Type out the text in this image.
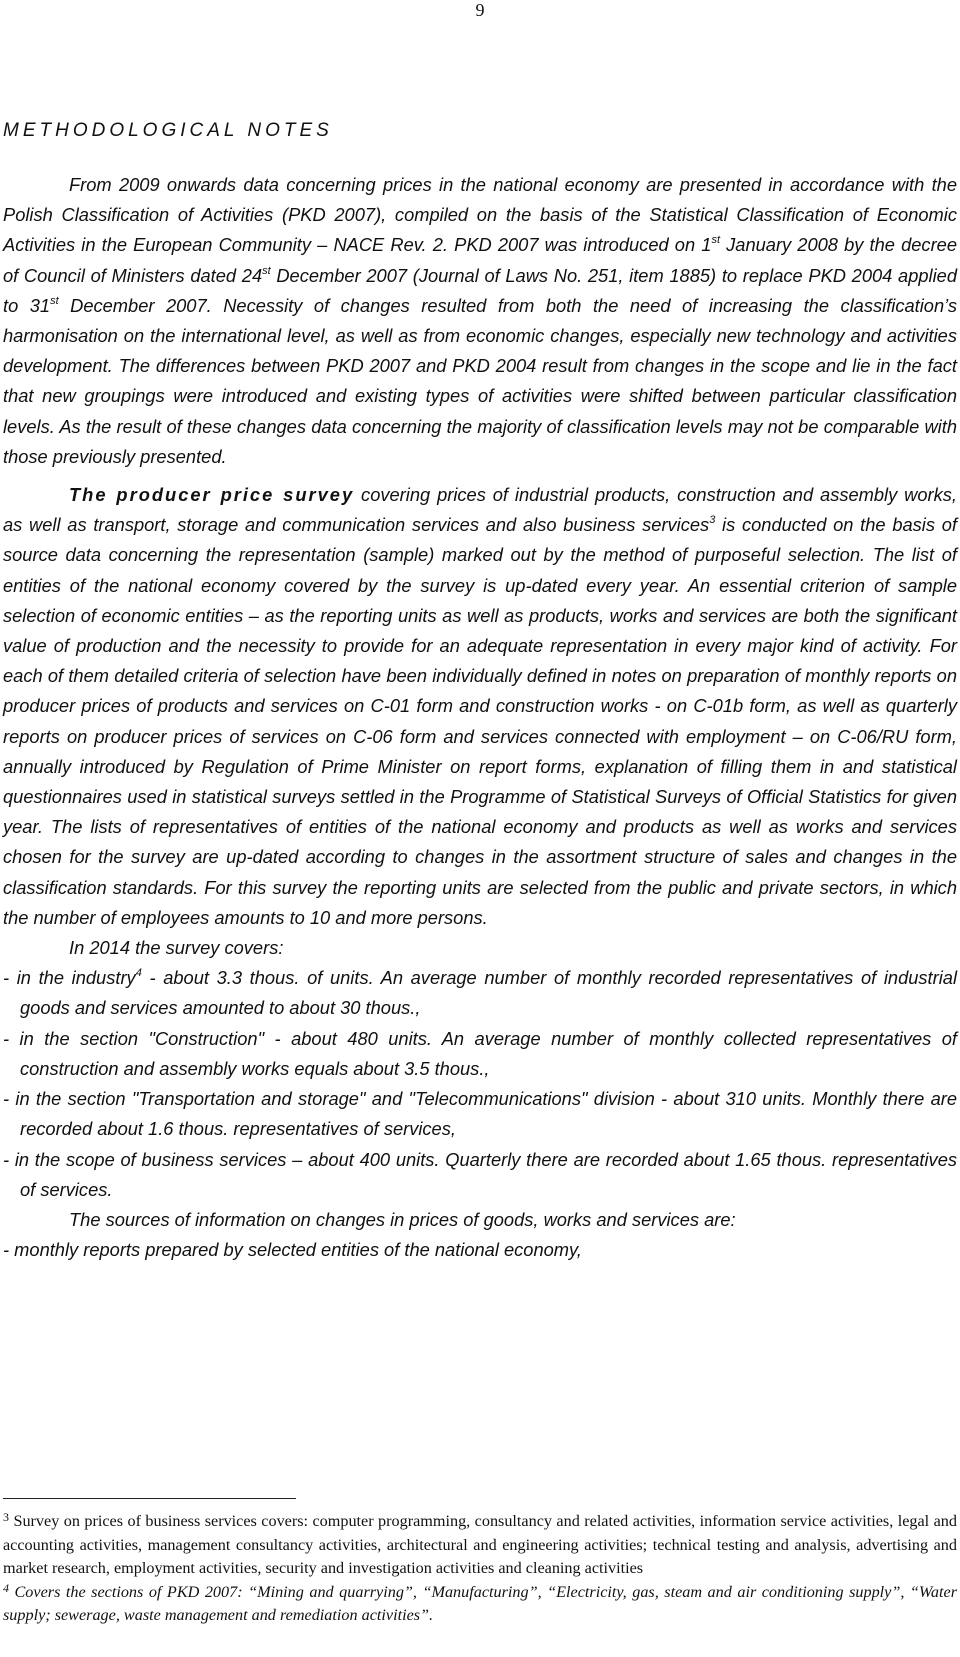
9
METHODOLOGICAL NOTES

From 2009 onwards data concerning prices in the national economy are presented in accordance with the Polish Classification of Activities (PKD 2007), compiled on the basis of the Statistical Classification of Economic Activities in the European Community – NACE Rev. 2. PKD 2007 was introduced on 1st January 2008 by the decree of Council of Ministers dated 24st December 2007 (Journal of Laws No. 251, item 1885) to replace PKD 2004 applied to 31st December 2007. Necessity of changes resulted from both the need of increasing the classification’s harmonisation on the international level, as well as from economic changes, especially new technology and activities development. The differences between PKD 2007 and PKD 2004 result from changes in the scope and lie in the fact that new groupings were introduced and existing types of activities were shifted between particular classification levels. As the result of these changes data concerning the majority of classification levels may not be comparable with those previously presented.

The producer price survey covering prices of industrial products, construction and assembly works, as well as transport, storage and communication services and also business services$^3$ is conducted on the basis of source data concerning the representation (sample) marked out by the method of purposeful selection. The list of entities of the national economy covered by the survey is up-dated every year. An essential criterion of sample selection of economic entities – as the reporting units as well as products, works and services are both the significant value of production and the necessity to provide for an adequate representation in every major kind of activity. For each of them detailed criteria of selection have been individually defined in notes on preparation of monthly reports on producer prices of products and services on C-01 form and construction works - on C-01b form, as well as quarterly reports on producer prices of services on C-06 form and services connected with employment – on C-06/RU form, annually introduced by Regulation of Prime Minister on report forms, explanation of filling them in and statistical questionnaires used in statistical surveys settled in the Programme of Statistical Surveys of Official Statistics for given year. The lists of representatives of entities of the national economy and products as well as works and services chosen for the survey are up-dated according to changes in the assortment structure of sales and changes in the classification standards. For this survey the reporting units are selected from the public and private sectors, in which the number of employees amounts to 10 and more persons.

In 2014 the survey covers:

- in the industry$^4$ - about 3.3 thous. of units. An average number of monthly recorded representatives of industrial goods and services amounted to about 30 thous.,

- in the section "Construction" - about 480 units. An average number of monthly collected representatives of construction and assembly works equals about 3.5 thous.,

- in the section "Transportation and storage" and "Telecommunications" division - about 310 units. Monthly there are recorded about 1.6 thous. representatives of services,

- in the scope of business services – about 400 units. Quarterly there are recorded about 1.65 thous. representatives of services.

The sources of information on changes in prices of goods, works and services are:

- monthly reports prepared by selected entities of the national economy,

$^3$ Survey on prices of business services covers: computer programming, consultancy and related activities, information service activities, legal and accounting activities, management consultancy activities, architectural and engineering activities; technical testing and analysis, advertising and market research, employment activities, security and investigation activities and cleaning activities

$^4$ Covers the sections of PKD 2007: “Mining and quarrying”, “Manufacturing”, “Electricity, gas, steam and air conditioning supply”, “Water supply; sewerage, waste management and remediation activities”.
